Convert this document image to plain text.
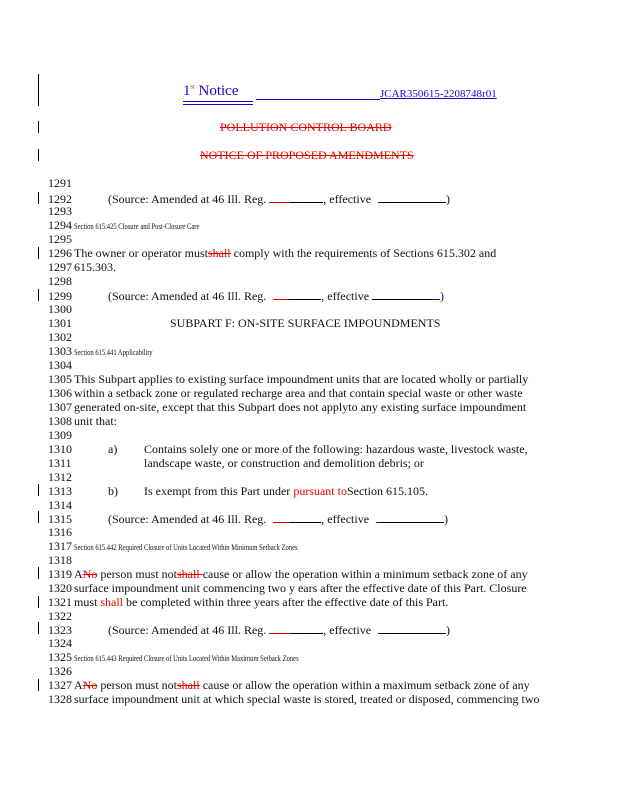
1st Notice	JCAR350615-2208748r01
POLLUTION CONTROL BOARD
NOTICE OF PROPOSED AMENDMENTS
1291
1292	(Source: Amended at 46 Ill. Reg.	, effective	)
1293
1294 Section 615.425 Closure and Post-Closure Care
1295
1296 The owner or operator mustshall comply with the requirements of Sections 615.302 and
1297 615.303.
1298
1299	(Source: Amended at 46 Ill. Reg.	, effective	)
1300
1301	SUBPART F: ON-SITE SURFACE IMPOUNDMENTS
1302
1303 Section 615.441 Applicability
1304
1305 This Subpart applies to existing surface impoundment units that are located wholly or partially
1306 within a setback zone or regulated recharge area and that contain special waste or other waste
1307 generated on-site, except that this Subpart does not applyto any existing surface impoundment
1308 unit that:
1309
1310	a) Contains solely one or more of the following: hazardous waste, livestock waste,
1311	landscape waste, or construction and demolition debris; or
1312
1313	b) Is exempt from this Part under pursuant toSection 615.105.
1314
1315	(Source: Amended at 46 Ill. Reg.	, effective	)
1316
1317 Section 615.442 Required Closure of Units Located Within Minimum Setback Zones
1318
1319 ANo person must notshall cause or allow the operation within a minimum setback zone of any
1320 surface impoundment unit commencing two y ears after the effective date of this Part. Closure
1321 must shall be completed within three years after the effective date of this Part.
1322
1323	(Source: Amended at 46 Ill. Reg.	, effective	)
1324
1325 Section 615.443 Required Closure of Units Located Within Maximum Setback Zones
1326
1327 ANo person must notshall cause or allow the operation within a maximum setback zone of any
1328 surface impoundment unit at which special waste is stored, treated or disposed, commencing two
